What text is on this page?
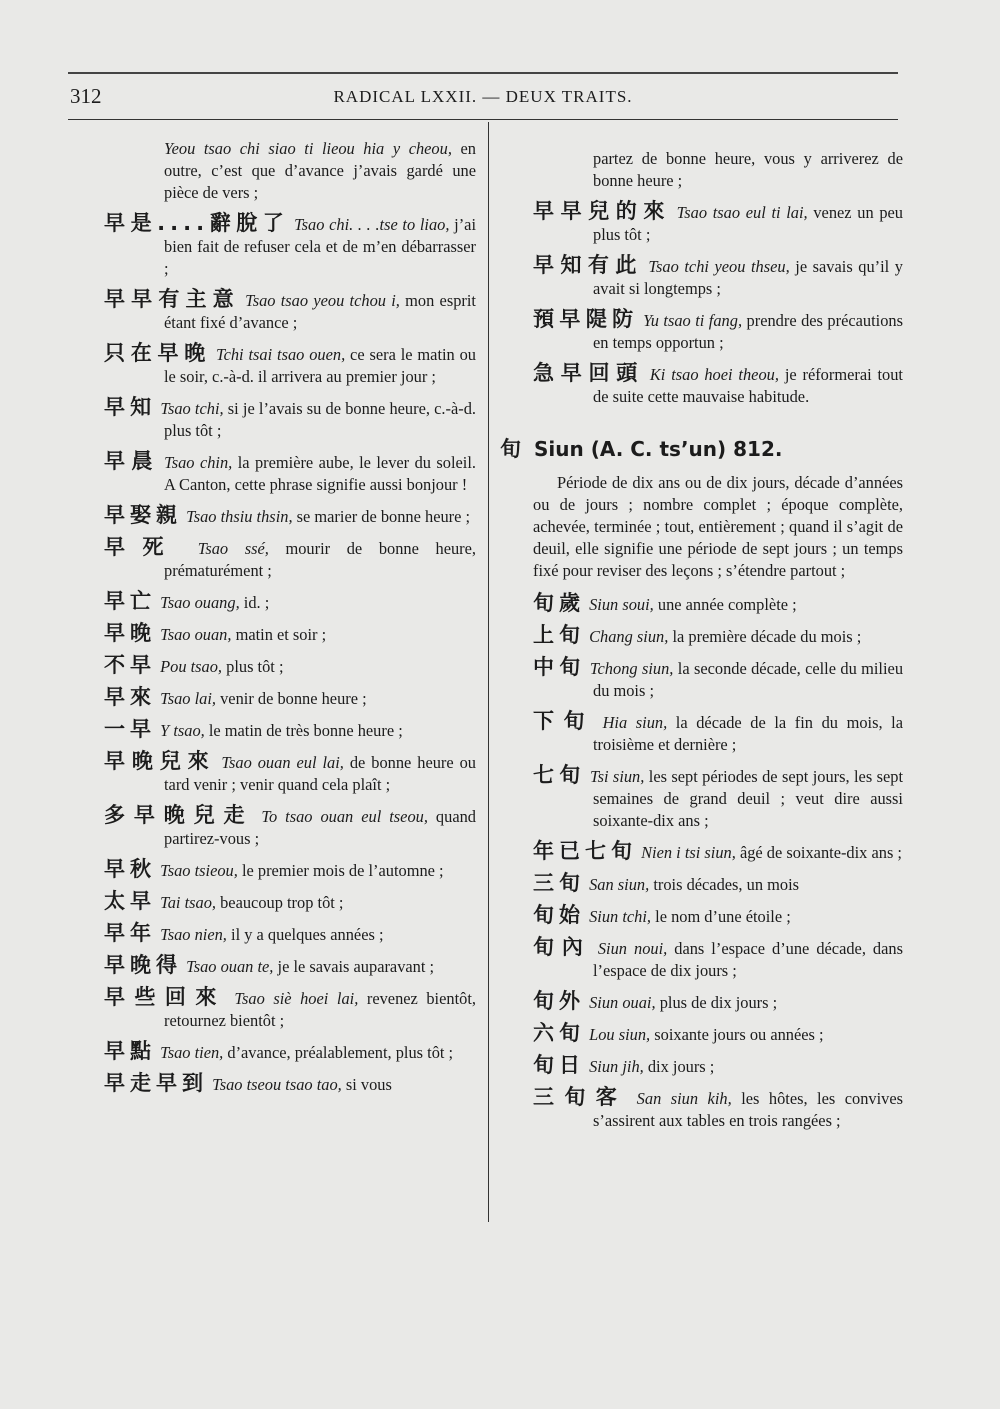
312	RADICAL LXXII. — DEUX TRAITS.
Yeou tsao chi siao ti lieou hia y cheou, en outre, c’est que d’avance j’avais gardé une pièce de vers ;
早是....辭脫了 Tsao chi. . . .tse to liao, j’ai bien fait de refuser cela et de m’en débarrasser ;
早早有主意 Tsao tsao yeou tchou i, mon esprit étant fixé d’avance ;
只在早晚 Tchi tsai tsao ouen, ce sera le matin ou le soir, c.-à-d. il arrivera au premier jour ;
早知 Tsao tchi, si je l’avais su de bonne heure, c.-à-d. plus tôt ;
早晨 Tsao chin, la première aube, le lever du soleil. A Canton, cette phrase signifie aussi bonjour !
早娶親 Tsao thsiu thsin, se marier de bonne heure ;
早死 Tsao ssé, mourir de bonne heure, prématurément ;
早亡 Tsao ouang, id. ;
早晚 Tsao ouan, matin et soir ;
不早 Pou tsao, plus tôt ;
早來 Tsao lai, venir de bonne heure ;
一早 Y tsao, le matin de très bonne heure ;
早晚兒來 Tsao ouan eul lai, de bonne heure ou tard venir ; venir quand cela plaît ;
多早晚兒走 To tsao ouan eul tseou, quand partirez-vous ;
早秋 Tsao tsieou, le premier mois de l’automne ;
太早 Tai tsao, beaucoup trop tôt ;
早年 Tsao nien, il y a quelques années ;
早晚得 Tsao ouan te, je le savais auparavant ;
早些回來 Tsao siè hoei lai, revenez bientôt, retournez bientôt ;
早點 Tsao tien, d’avance, préalablement, plus tôt ;
早走早到 Tsao tseou tsao tao, si vous
partez de bonne heure, vous y arriverez de bonne heure ;
早早兒的來 Tsao tsao eul ti lai, venez un peu plus tôt ;
早知有此 Tsao tchi yeou thseu, je savais qu’il y avait si longtemps ;
預早隄防 Yu tsao ti fang, prendre des précautions en temps opportun ;
急早回頭 Ki tsao hoei theou, je réformerai tout de suite cette mauvaise habitude.
旬 Siun (A. C. ts’un) 812.
Période de dix ans ou de dix jours, décade d’années ou de jours ; nombre complet ; époque complète, achevée, terminée ; tout, entièrement ; quand il s’agit de deuil, elle signifie une période de sept jours ; un temps fixé pour reviser des leçons ; s’étendre partout ;
旬歲 Siun soui, une année complète ;
上旬 Chang siun, la première décade du mois ;
中旬 Tchong siun, la seconde décade, celle du milieu du mois ;
下旬 Hia siun, la décade de la fin du mois, la troisième et dernière ;
七旬 Tsi siun, les sept périodes de sept jours, les sept semaines de grand deuil ; veut dire aussi soixante-dix ans ;
年已七旬 Nien i tsi siun, âgé de soixante-dix ans ;
三旬 San siun, trois décades, un mois
旬始 Siun tchi, le nom d’une étoile ;
旬內 Siun noui, dans l’espace d’une décade, dans l’espace de dix jours ;
旬外 Siun ouai, plus de dix jours ;
六旬 Lou siun, soixante jours ou années ;
旬日 Siun jih, dix jours ;
三旬客 San siun kih, les hôtes, les convives s’assirent aux tables en trois rangées ;
